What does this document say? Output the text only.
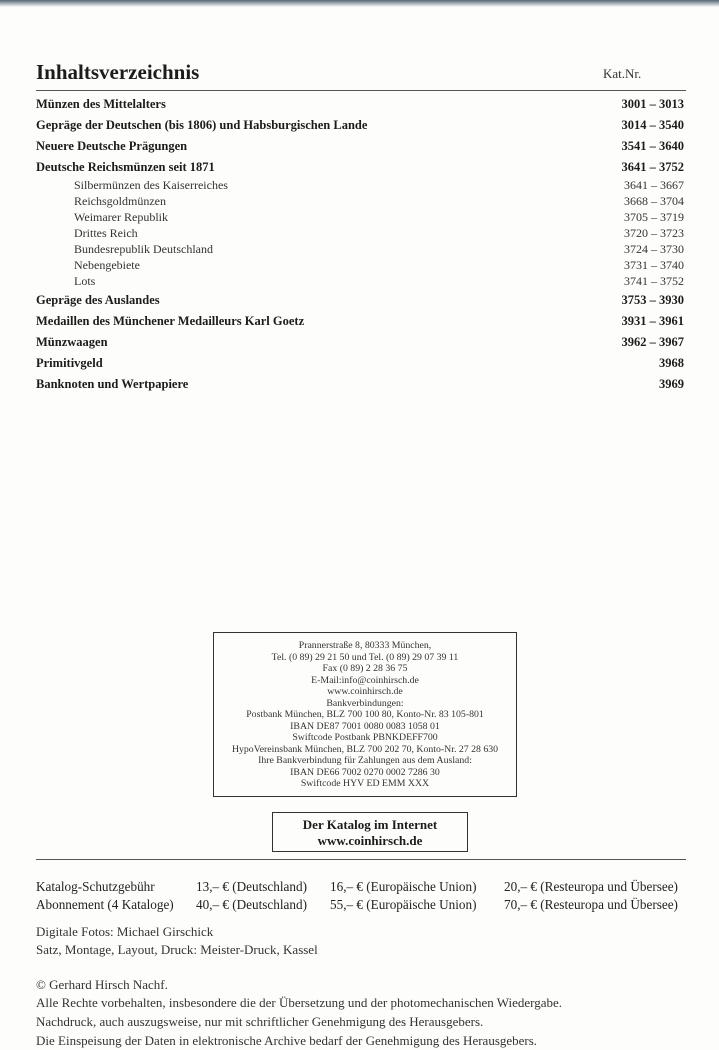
Inhaltsverzeichnis	Kat.Nr.
Münzen des Mittelalters	3001 – 3013
Gepräge der Deutschen (bis 1806) und Habsburgischen Lande	3014 – 3540
Neuere Deutsche Prägungen	3541 – 3640
Deutsche Reichsmünzen seit 1871	3641 – 3752
Silbermünzen des Kaiserreiches	3641 – 3667
Reichsgoldmünzen	3668 – 3704
Weimarer Republik	3705 – 3719
Drittes Reich	3720 – 3723
Bundesrepublik Deutschland	3724 – 3730
Nebengebiete	3731 – 3740
Lots	3741 – 3752
Gepräge des Auslandes	3753 – 3930
Medaillen des Münchener Medailleurs Karl Goetz	3931 – 3961
Münzwaagen	3962 – 3967
Primitivgeld	3968
Banknoten und Wertpapiere	3969
Prannerstraße 8, 80333 München,
Tel. (0 89) 29 21 50 und Tel. (0 89) 29 07 39 11
Fax (0 89) 2 28 36 75
E-Mail:info@coinhirsch.de
www.coinhirsch.de
Bankverbindungen:
Postbank München, BLZ 700 100 80, Konto-Nr. 83 105-801
IBAN DE87 7001 0080 0083 1058 01
Swiftcode Postbank PBNKDEFF700
HypoVereinsbank München, BLZ 700 202 70, Konto-Nr. 27 28 630
Ihre Bankverbindung für Zahlungen aus dem Ausland:
IBAN DE66 7002 0270 0002 7286 30
Swiftcode HYV ED EMM XXX
Der Katalog im Internet
www.coinhirsch.de
Katalog-Schutzgebühr	13,– € (Deutschland) 16,– € (Europäische Union) 20,– € (Resteuropa und Übersee)
Abonnement (4 Kataloge) 40,– € (Deutschland) 55,– € (Europäische Union) 70,– € (Resteuropa und Übersee)
Digitale Fotos: Michael Girschick
Satz, Montage, Layout, Druck: Meister-Druck, Kassel
© Gerhard Hirsch Nachf.
Alle Rechte vorbehalten, insbesondere die der Übersetzung und der photomechanischen Wiedergabe.
Nachdruck, auch auszugsweise, nur mit schriftlicher Genehmigung des Herausgebers.
Die Einspeisung der Daten in elektronische Archive bedarf der Genehmigung des Herausgebers.
